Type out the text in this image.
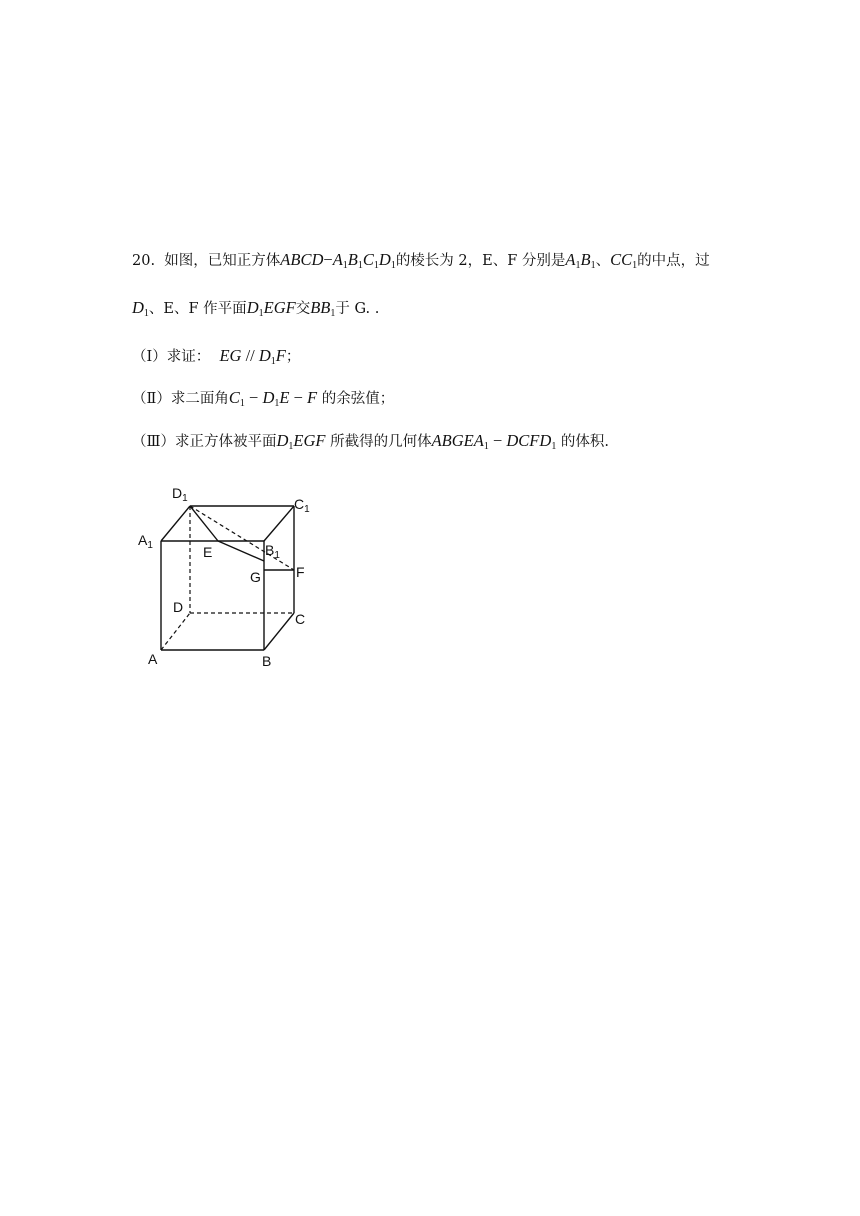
20. 如图，已知正方体$ABCD-A_1B_1C_1D_1$的棱长为 2，E、F 分别是$A_1B_1$、$CC_1$的中点，过
$D_1$、E、F 作平面$D_1EGF$交$BB_1$于 G. .
（Ⅰ）求证： EG // $D_1F$；
（Ⅱ）求二面角$C_1 - D_1E - F$ 的余弦值；
（Ⅲ）求正方体被平面$D_1EGF$ 所截得的几何体$ABGEA_1$ − $DCFD_1$ 的体积.
$D_1$	$C_1$
$A_1$	$B_1$
E
G	F
D
C
A	B
